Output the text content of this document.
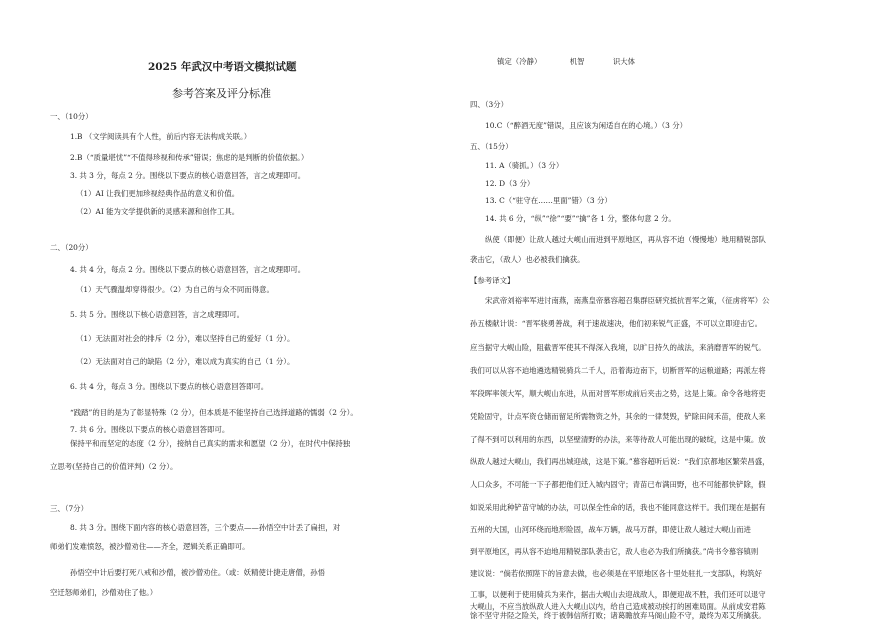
2025 年武汉中考语文模拟试题
参考答案及评分标准
一、（10分）
1.B （文学阅读具有个人性，前后内容无法构成关联。）
2.B（“质量堪忧”“不值得珍视和传承”错误；焦虑的是判断的价值依据。）
3. 共 3 分，每点 2 分。围绕以下要点的核心语意回答，言之成理即可。
（1）AI 让我们更加珍视经典作品的意义和价值。
（2）AI 能为文学提供新的灵感来源和创作工具。
二、（20分）
4. 共 4 分，每点 2 分。围绕以下要点的核心语意回答，言之成理即可。
（1）天气骤温却穿得很少。（2）为自己的与众不同而得意。
5. 共 5 分。围绕以下核心语意回答，言之成理即可。
（1）无法面对社会的排斥（2 分），难以坚持自己的爱好（1 分）。
（2）无法面对自己的缺陷（2 分），难以成为真实的自己（1 分）。
6. 共 4 分，每点 3 分。围绕以下要点的核心语意回答即可。
“践踏”的目的是为了彰显特殊（2 分），但本质是不能坚持自己选择道路的懦弱（2 分）。
7. 共 6 分。围绕以下要点的核心语意回答即可。
保持平和而坚定的态度（2 分），接纳自己真实的需求和愿望（2 分），在时代中保持独
立思考(坚持自己的价值评判)（2 分）。
三、（7分）
8. 共 3 分。围绕下面内容的核心语意回答，三个要点——孙悟空中计丢了扁担，对
师弟们发难愤怒，被沙僧劝住——齐全，逻辑关系正确即可。
孙悟空中计后要打死八戒和沙僧，被沙僧劝住。（或：妖精使计捷走唐僧，孙悟
空迁怒师弟们，沙僧劝住了他。）
镇定（冷静）	机智	识大体
四、（3分）
10.C（“醉酒无度”错误，且应该为闲适自在的心境。）（3 分）
五、（15分）
11. A（骑抓。）（3 分）
12. D（3 分）
13. C（“驻守在……里面”错）（3 分）
14. 共 6 分，“纵”“徐”“要”“擒”各 1 分，整体句意 2 分。
纵使（即便）让敌人越过大岘山而进到平原地区，再从容不迫（慢慢地）地用精锐部队
袭击它，（敌人）也必被我们擒获。
【参考译文】
宋武帝刘裕率军进讨南燕，南燕皇帝慕容超召集群臣研究抵抗晋军之策，（征虏将军）公
孙五楼献计说：“晋军骁勇善战，利于速战速决，他们初来锐气正盛，不可以立即迎击它。
应当据守大岘山险，阻截晋军使其不得深入我境，以旷日持久的战法，来消磨晋军的锐气。
我们可以从容不迫地遴选精锐骑兵二千人，沿着海边南下，切断晋军的运粮道路；再派左将
军段晖率领大军，顺大岘山东进，从而对晋军形成前后夹击之势，这是上策。命令各地将吏
凭险固守，计点军资仓储而留足所需物资之外，其余的一律焚毁，铲除田间禾苗，使敌人来
了得不到可以利用的东西，以坚壁清野的办法，来等待敌人可能出现的破绽，这是中策。放
纵敌人越过大岘山，我们再出城迎战，这是下策。”慕容超听后说：“我们京都地区繁荣昌盛，
人口众多，不可能一下子都把他们迁入城内固守；青苗已布满田野，也不可能都快铲除，假
如说采用此种铲苗守城的办法，可以保全性命的话，我也不能同意这样干。我们现在是据有
五州的大国，山河环绕而地形险固，战车万辆，战马万群，即使让敌人越过大岘山而进
到平原地区，再从容不迫地用精锐部队袭击它，敌人也必为我们所擒获。”尚书令慕容镇则
建议说：“倘若依照陛下的旨意去做，也必须是在平原地区各十里处驻扎一支部队，构筑好
工事，以便利于使用骑兵为来作，据击大岘山去迎战敌人，即便迎战不胜，我们还可以退守
大岘山，不应当放纵敌人进入大岘山以内，给自己造成被动挨打的困难局面。从前成安君陈
馀不坚守井陉之险关，终于被韩信所打败；诸葛瞻放弃马阁山险不守，最终为邓艾所擒获。
